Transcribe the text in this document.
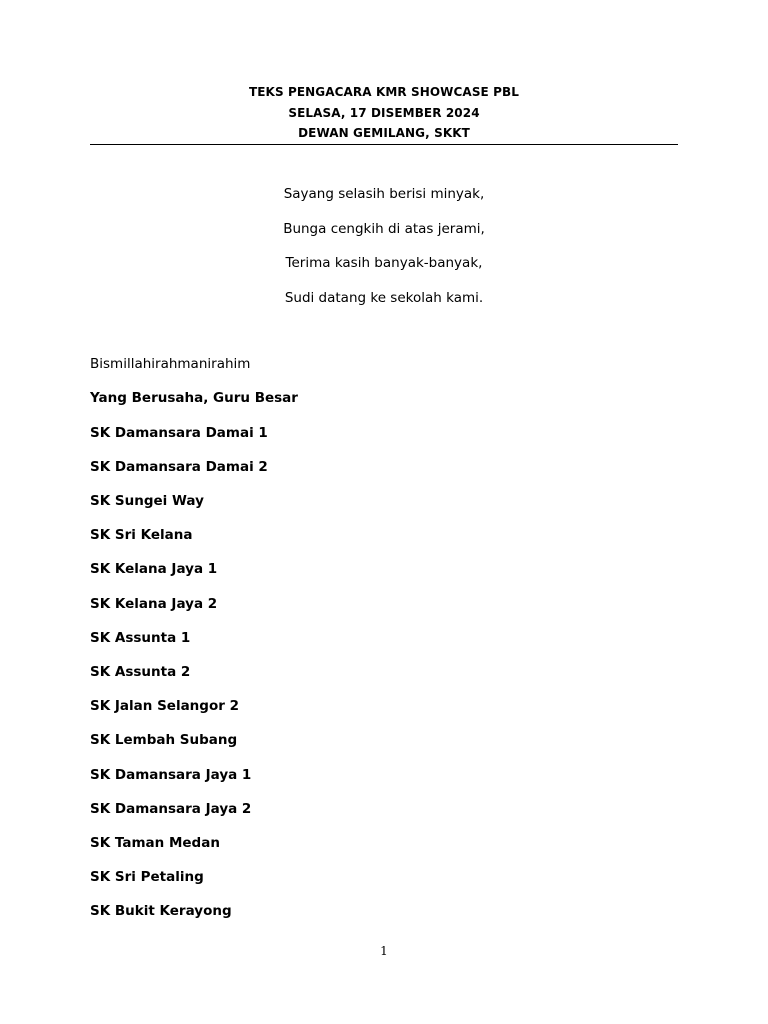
TEKS PENGACARA KMR SHOWCASE PBL
SELASA, 17 DISEMBER 2024
DEWAN GEMILANG, SKKT
Sayang selasih berisi minyak,
Bunga cengkih di atas jerami,
Terima kasih banyak-banyak,
Sudi datang ke sekolah kami.
Bismillahirahmanirahim
Yang Berusaha, Guru Besar
SK Damansara Damai 1
SK Damansara Damai 2
SK Sungei Way
SK Sri Kelana
SK Kelana Jaya 1
SK Kelana Jaya 2
SK Assunta 1
SK Assunta 2
SK Jalan Selangor 2
SK Lembah Subang
SK Damansara Jaya 1
SK Damansara Jaya 2
SK Taman Medan
SK Sri Petaling
SK Bukit Kerayong
1
